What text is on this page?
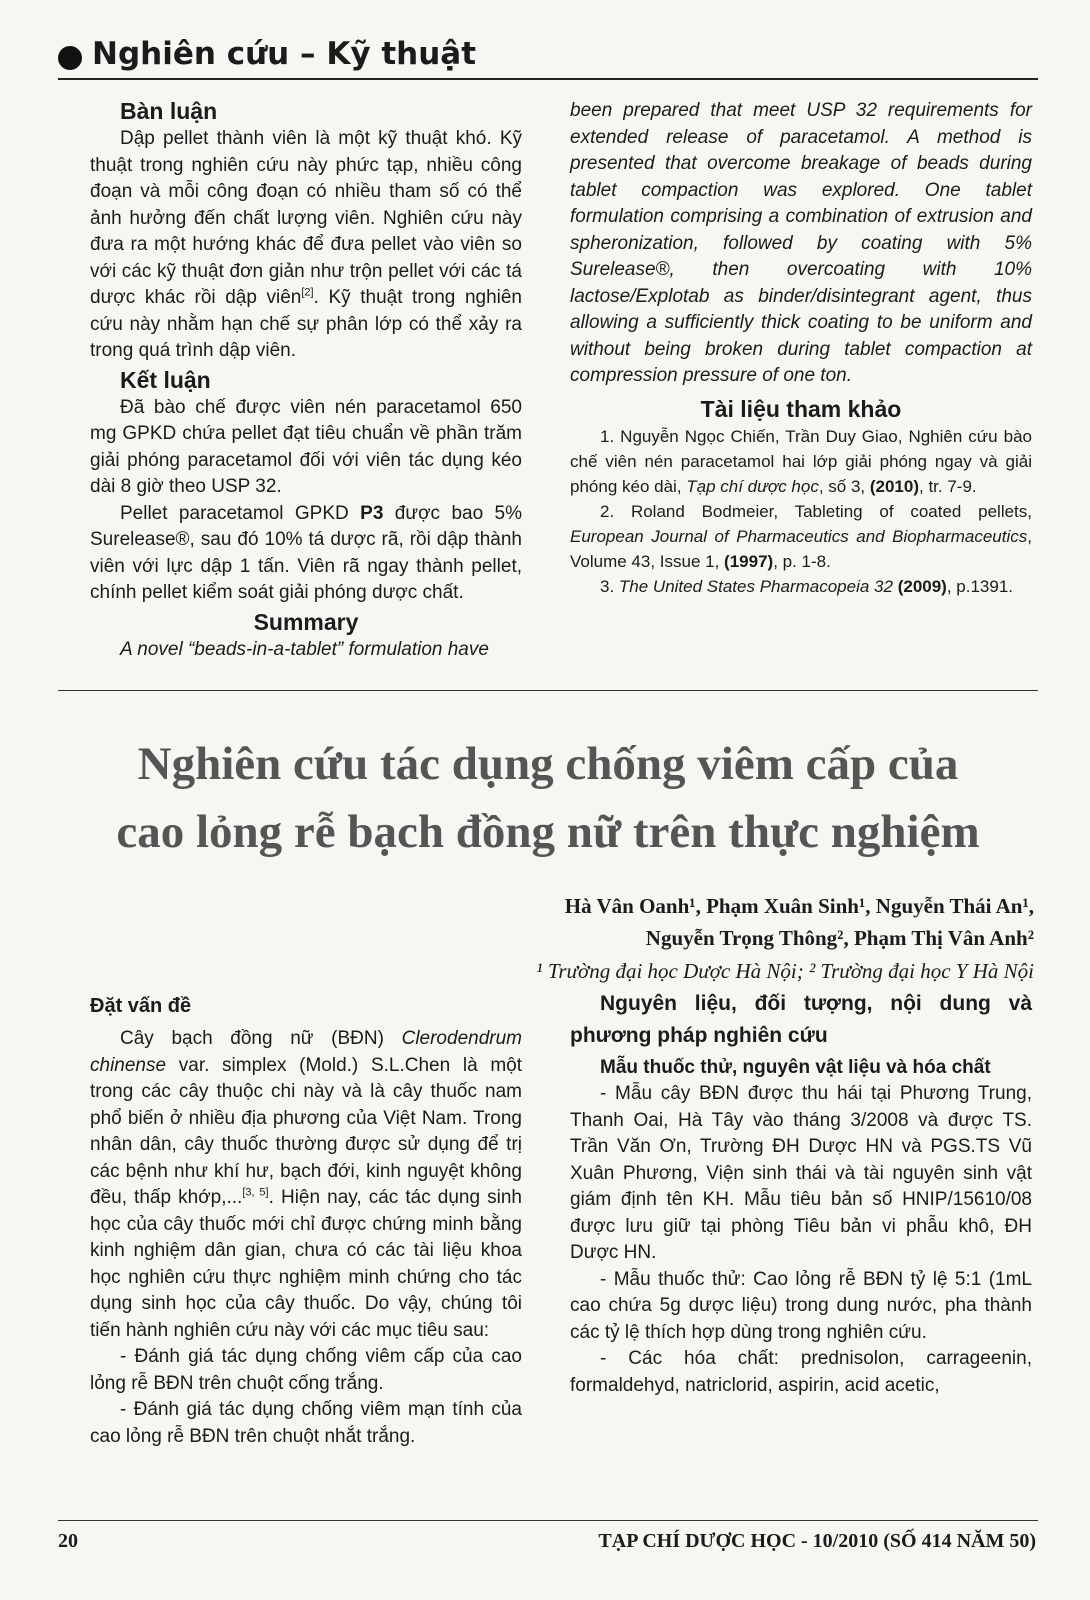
Nghiên cứu – Kỹ thuật
Bàn luận

Dập pellet thành viên là một kỹ thuật khó. Kỹ thuật trong nghiên cứu này phức tạp, nhiều công đoạn và mỗi công đoạn có nhiều tham số có thể ảnh hưởng đến chất lượng viên. Nghiên cứu này đưa ra một hướng khác để đưa pellet vào viên so với các kỹ thuật đơn giản như trộn pellet với các tá dược khác rồi dập viên[2]. Kỹ thuật trong nghiên cứu này nhằm hạn chế sự phân lớp có thể xảy ra trong quá trình dập viên.

Kết luận

Đã bào chế được viên nén paracetamol 650 mg GPKD chứa pellet đạt tiêu chuẩn về phần trăm giải phóng paracetamol đối với viên tác dụng kéo dài 8 giờ theo USP 32.

Pellet paracetamol GPKD P3 được bao 5% Surelease®, sau đó 10% tá dược rã, rồi dập thành viên với lực dập 1 tấn. Viên rã ngay thành pellet, chính pellet kiểm soát giải phóng dược chất.

Summary

A novel “beads-in-a-tablet” formulation have

been prepared that meet USP 32 requirements for extended release of paracetamol. A method is presented that overcome breakage of beads during tablet compaction was explored. One tablet formulation comprising a combination of extrusion and spheronization, followed by coating with 5% Surelease®, then overcoating with 10% lactose/Explotab as binder/disintegrant agent, thus allowing a sufficiently thick coating to be uniform and without being broken during tablet compaction at compression pressure of one ton.

Tài liệu tham khảo

1. Nguyễn Ngọc Chiến, Trần Duy Giao, Nghiên cứu bào chế viên nén paracetamol hai lớp giải phóng ngay và giải phóng kéo dài, Tạp chí dược học, số 3, (2010), tr. 7-9.

2. Roland Bodmeier, Tableting of coated pellets, European Journal of Pharmaceutics and Biopharmaceutics, Volume 43, Issue 1, (1997), p. 1-8.

3. The United States Pharmacopeia 32 (2009), p.1391.

Nghiên cứu tác dụng chống viêm cấp của
cao lỏng rễ bạch đồng nữ trên thực nghiệm
Hà Vân Oanh¹, Phạm Xuân Sinh¹, Nguyễn Thái An¹,
Nguyễn Trọng Thông², Phạm Thị Vân Anh²
¹ Trường đại học Dược Hà Nội; ² Trường đại học Y Hà Nội
Đặt vấn đề

Cây bạch đồng nữ (BĐN) Clerodendrum chinense var. simplex (Mold.) S.L.Chen là một trong các cây thuộc chi này và là cây thuốc nam phổ biến ở nhiều địa phương của Việt Nam. Trong nhân dân, cây thuốc thường được sử dụng để trị các bệnh như khí hư, bạch đới, kinh nguyệt không đều, thấp khớp,...[3, 5]. Hiện nay, các tác dụng sinh học của cây thuốc mới chỉ được chứng minh bằng kinh nghiệm dân gian, chưa có các tài liệu khoa học nghiên cứu thực nghiệm minh chứng cho tác dụng sinh học của cây thuốc. Do vậy, chúng tôi tiến hành nghiên cứu này với các mục tiêu sau:

- Đánh giá tác dụng chống viêm cấp của cao lỏng rễ BĐN trên chuột cống trắng.

- Đánh giá tác dụng chống viêm mạn tính của cao lỏng rễ BĐN trên chuột nhắt trắng.

Nguyên liệu, đối tượng, nội dung và phương pháp nghiên cứu
Mẫu thuốc thử, nguyên vật liệu và hóa chất

- Mẫu cây BĐN được thu hái tại Phương Trung, Thanh Oai, Hà Tây vào tháng 3/2008 và được TS. Trần Văn Ơn, Trường ĐH Dược HN và PGS.TS Vũ Xuân Phương, Viện sinh thái và tài nguyên sinh vật giám định tên KH. Mẫu tiêu bản số HNIP/15610/08 được lưu giữ tại phòng Tiêu bản vi phẫu khô, ĐH Dược HN.

- Mẫu thuốc thử: Cao lỏng rễ BĐN tỷ lệ 5:1 (1mL cao chứa 5g dược liệu) trong dung nước, pha thành các tỷ lệ thích hợp dùng trong nghiên cứu.

- Các hóa chất: prednisolon, carrageenin, formaldehyd, natriclorid, aspirin, acid acetic,

20	TẠP CHÍ DƯỢC HỌC - 10/2010 (SỐ 414 NĂM 50)
